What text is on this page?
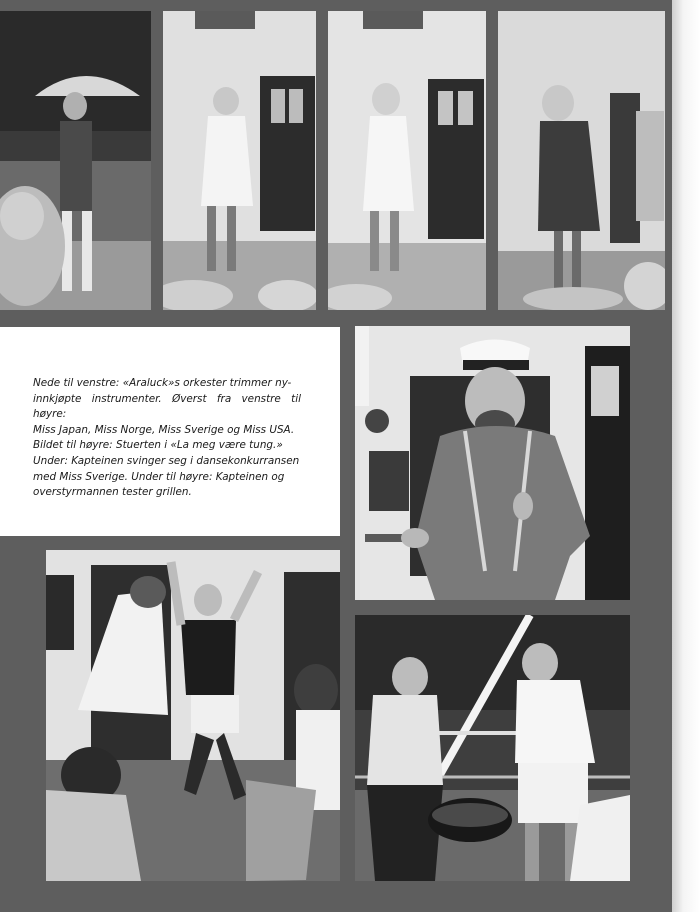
Nede til venstre: «Araluck»s orkester trimmer ny-
innkjøpte instrumenter. Øverst fra venstre til høyre:
Miss Japan, Miss Norge, Miss Sverige og Miss USA.
Bildet til høyre: Stuerten i «La meg være tung.»
Under: Kapteinen svinger seg i dansekonkurransen
med Miss Sverige. Under til høyre: Kapteinen og
overstyrmannen tester grillen.
